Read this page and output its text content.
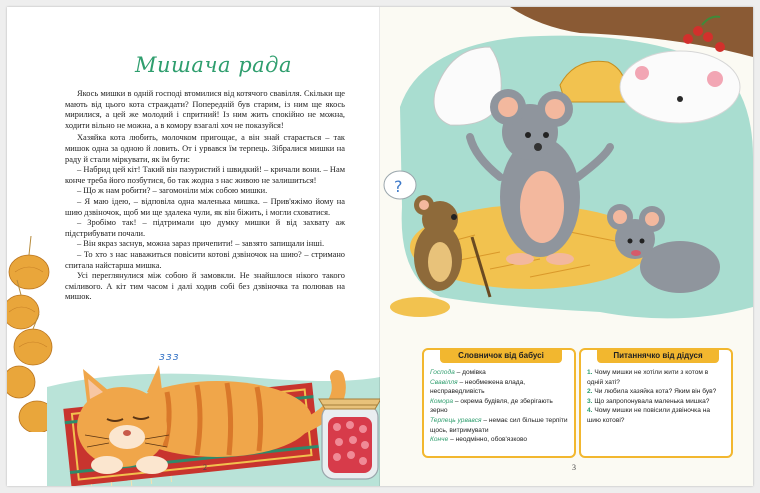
Мишача рада

Якось мишки в одній господі втомилися від котячого свавілля. Скільки ще мають від цього кота страждати? Попередній був старим, із ним ще якось мирилися, а цей же молодий і спритний! Із ним жить спокійно не можна, ходити вільно не можна, а в комору взагалі хоч не показуйся!

Хазяйка кота любить, молочком пригощає, а він знай старається – так мишок одна за одною й ловить. От і урвався їм терпець. Зібралися мишки на раду й стали міркувати, як їм бути:

– Набрид цей кіт! Такий він пазуристий і швидкий! – кричали вони. – Нам конче треба його позбутися, бо так жодна з нас живою не залишиться!

– Що ж нам робити? – загомоніли між собою мишки.

– Я маю ідею, – відповіла одна маленька мишка. – Прив'яжімо йому на шию дзвіночок, щоб ми ще здалека чули, як він біжить, і могли сховатися.

– Зробімо так! – підтримали цю думку мишки й від захвату аж підстрибувати почали.

– Він якраз заснув, можна зараз причепити! – завзято запищали інші.

– То хто з нас наважиться повісити котові дзвіночок на шию? – стримано спитала найстарша мишка.

Усі переглянулися між собою й замовкли. Не знайшлося нікого такого сміливого. А кіт тим часом і далі ходив собі без дзвіночка та полював на мишок.

ззз
2
?
Словничок від бабусі
Господа – домівка
Свавілля – необмежена влада, несправедливість
Комора – окрема будівля, де зберігають зерно
Терпець урвався – немає сил більше терпіти щось, витримувати
Конче – неодмінно, обов'язково
Питаннячко від дідуся
1. Чому мишки не хотіли жити з котом в одній хаті?
2. Чи любила хазяйка кота? Яким він був?
3. Що запропонувала маленька мишка?
4. Чому мишки не повісили дзвіночка на шию котові?
3
